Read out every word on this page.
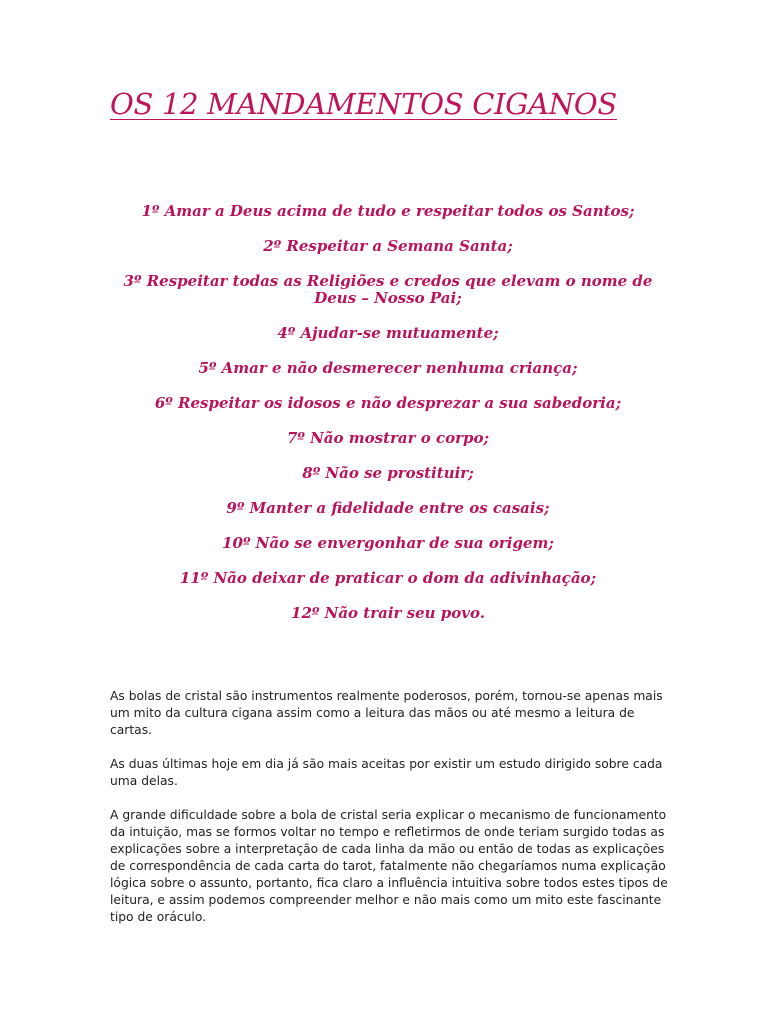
OS 12 MANDAMENTOS CIGANOS
1º Amar a Deus acima de tudo e respeitar todos os Santos;
2º Respeitar a Semana Santa;
3º Respeitar todas as Religiões e credos que elevam o nome de Deus – Nosso Pai;
4º Ajudar-se mutuamente;
5º Amar e não desmerecer nenhuma criança;
6º Respeitar os idosos e não desprezar a sua sabedoria;
7º Não mostrar o corpo;
8º Não se prostituir;
9º Manter a fidelidade entre os casais;
10º Não se envergonhar de sua origem;
11º Não deixar de praticar o dom da adivinhação;
12º Não trair seu povo.

As bolas de cristal são instrumentos realmente poderosos, porém, tornou-se apenas mais um mito da cultura cigana assim como a leitura das mãos ou até mesmo a leitura de cartas.

As duas últimas hoje em dia já são mais aceitas por existir um estudo dirigido sobre cada uma delas.

A grande dificuldade sobre a bola de cristal seria explicar o mecanismo de funcionamento da intuição, mas se formos voltar no tempo e refletirmos de onde teriam surgido todas as explicações sobre a interpretação de cada linha da mão ou então de todas as explicações de correspondência de cada carta do tarot, fatalmente não chegaríamos numa explicação lógica sobre o assunto, portanto, fica claro a influência intuitiva sobre todos estes tipos de leitura, e assim podemos compreender melhor e não mais como um mito este fascinante tipo de oráculo.
